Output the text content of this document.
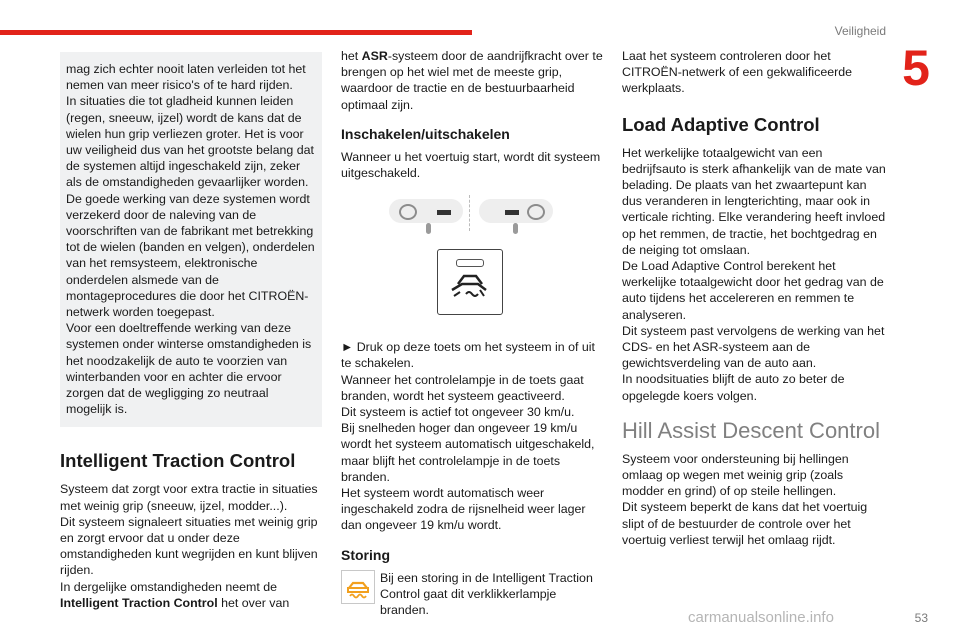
Veiligheid
5

mag zich echter nooit laten verleiden tot het nemen van meer risico's of te hard rijden.

In situaties die tot gladheid kunnen leiden (regen, sneeuw, ijzel) wordt de kans dat de wielen hun grip verliezen groter. Het is voor uw veiligheid dus van het grootste belang dat de systemen altijd ingeschakeld zijn, zeker als de omstandigheden gevaarlijker worden.

De goede werking van deze systemen wordt verzekerd door de naleving van de voorschriften van de fabrikant met betrekking tot de wielen (banden en velgen), onderdelen van het remsysteem, elektronische onderdelen alsmede van de montageprocedures die door het CITROËN-netwerk worden toegepast.

Voor een doeltreffende werking van deze systemen onder winterse omstandigheden is het noodzakelijk de auto te voorzien van winterbanden voor en achter die ervoor zorgen dat de wegligging zo neutraal mogelijk is.

Intelligent Traction Control

Systeem dat zorgt voor extra tractie in situaties met weinig grip (sneeuw, ijzel, modder...).

Dit systeem signaleert situaties met weinig grip en zorgt ervoor dat u onder deze omstandigheden kunt wegrijden en kunt blijven rijden.

In dergelijke omstandigheden neemt de Intelligent Traction Control het over van

het ASR-systeem door de aandrijfkracht over te brengen op het wiel met de meeste grip, waardoor de tractie en de bestuurbaarheid optimaal zijn.

Inschakelen/uitschakelen

Wanneer u het voertuig start, wordt dit systeem uitgeschakeld.

► Druk op deze toets om het systeem in of uit te schakelen.

Wanneer het controlelampje in de toets gaat branden, wordt het systeem geactiveerd.

Dit systeem is actief tot ongeveer 30 km/u.

Bij snelheden hoger dan ongeveer 19 km/u wordt het systeem automatisch uitgeschakeld, maar blijft het controlelampje in de toets branden.

Het systeem wordt automatisch weer ingeschakeld zodra de rijsnelheid weer lager dan ongeveer 19 km/u wordt.

Storing

Bij een storing in de Intelligent Traction Control gaat dit verklikkerlampje branden.

Laat het systeem controleren door het CITROËN-netwerk of een gekwalificeerde werkplaats.

Load Adaptive Control

Het werkelijke totaalgewicht van een bedrijfsauto is sterk afhankelijk van de mate van belading. De plaats van het zwaartepunt kan dus veranderen in lengterichting, maar ook in verticale richting. Elke verandering heeft invloed op het remmen, de tractie, het bochtgedrag en de neiging tot omslaan.

De Load Adaptive Control berekent het werkelijke totaalgewicht door het gedrag van de auto tijdens het accelereren en remmen te analyseren.

Dit systeem past vervolgens de werking van het CDS- en het ASR-systeem aan de gewichtsverdeling van de auto aan.

In noodsituaties blijft de auto zo beter de opgelegde koers volgen.

Hill Assist Descent Control

Systeem voor ondersteuning bij hellingen omlaag op wegen met weinig grip (zoals modder en grind) of op steile hellingen.

Dit systeem beperkt de kans dat het voertuig slipt of de bestuurder de controle over het voertuig verliest terwijl het omlaag rijdt.

carmanualsonline.info	53
